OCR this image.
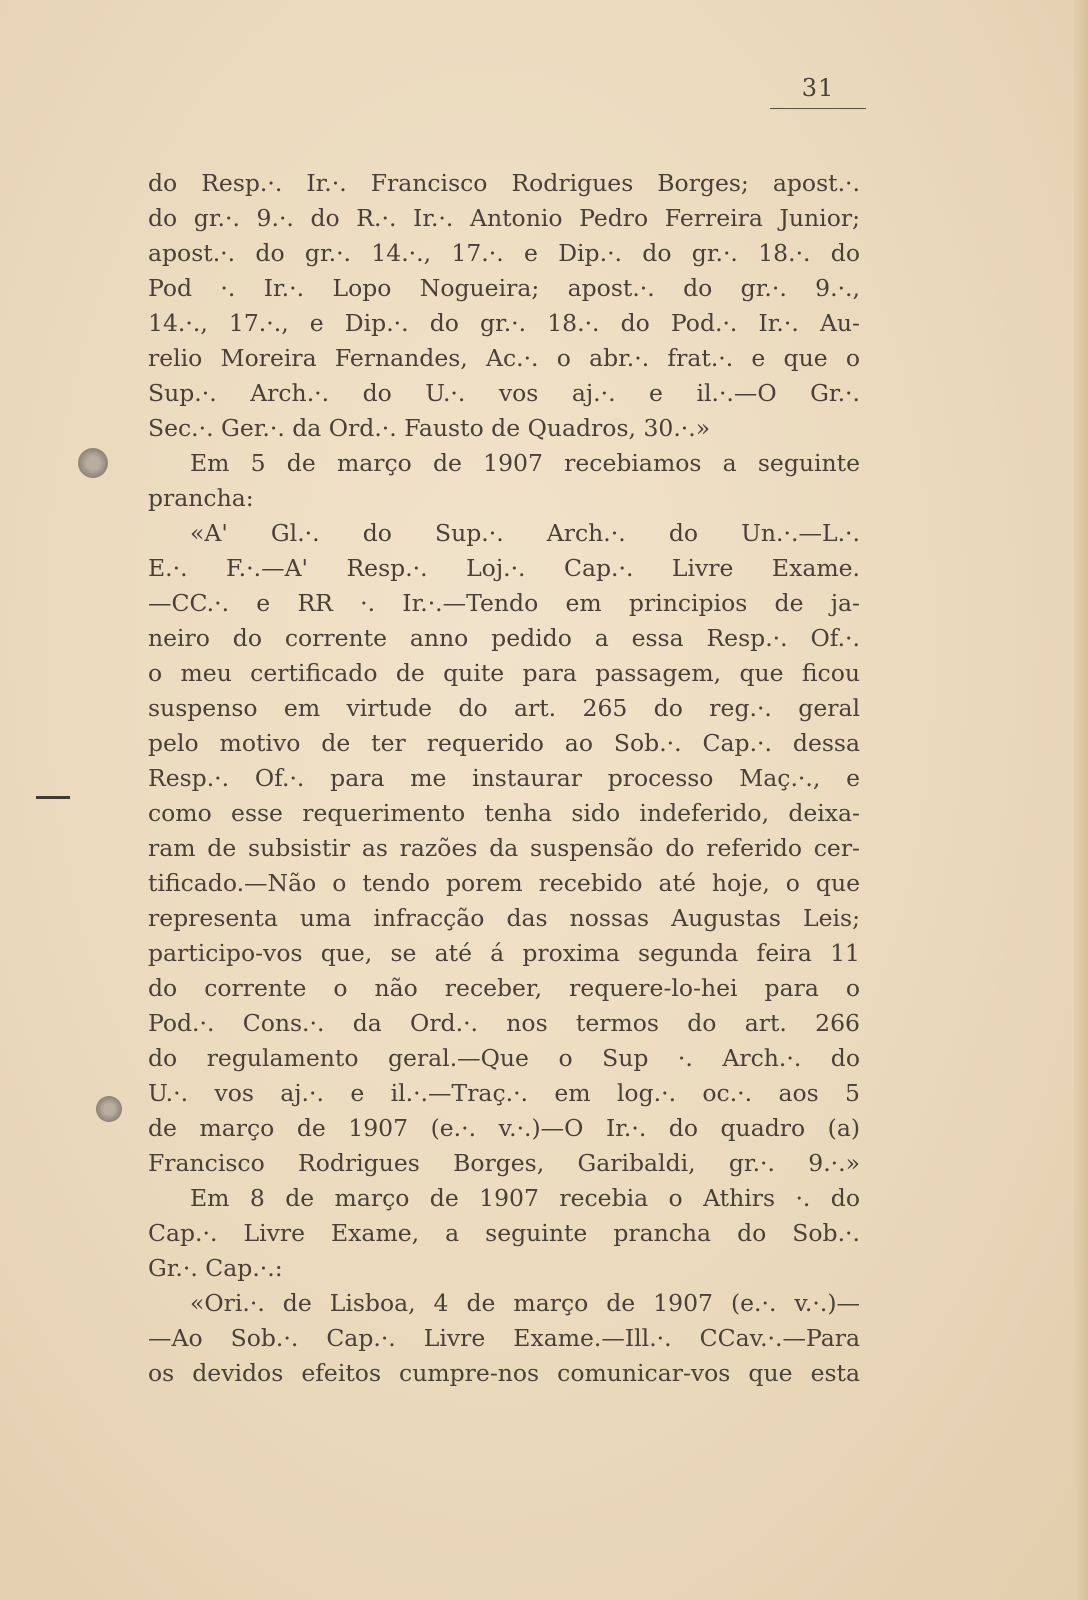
31
do Resp.·. Ir.·. Francisco Rodrigues Borges; apost.·.
do gr.·. 9.·. do R.·. Ir.·. Antonio Pedro Ferreira Junior;
apost.·. do gr.·. 14.·., 17.·. e Dip.·. do gr.·. 18.·. do
Pod ·. Ir.·. Lopo Nogueira; apost.·. do gr.·. 9.·.,
14.·., 17.·., e Dip.·. do gr.·. 18.·. do Pod.·. Ir.·. Au-
relio Moreira Fernandes, Ac.·. o abr.·. frat.·. e que o
Sup.·. Arch.·. do U.·. vos aj.·. e il.·.—O Gr.·.
Sec.·. Ger.·. da Ord.·. Fausto de Quadros, 30.·.»
Em 5 de março de 1907 recebiamos a seguinte
prancha:
«A' Gl.·. do Sup.·. Arch.·. do Un.·.—L.·.
E.·. F.·.—A' Resp.·. Loj.·. Cap.·. Livre Exame.
—CC.·. e RR ·. Ir.·.—Tendo em principios de ja-
neiro do corrente anno pedido a essa Resp.·. Of.·.
o meu certificado de quite para passagem, que ficou
suspenso em virtude do art. 265 do reg.·. geral
pelo motivo de ter requerido ao Sob.·. Cap.·. dessa
Resp.·. Of.·. para me instaurar processo Maç.·., e
como esse requerimento tenha sido indeferido, deixa-
ram de subsistir as razões da suspensão do referido cer-
tificado.—Não o tendo porem recebido até hoje, o que
representa uma infracção das nossas Augustas Leis;
participo-vos que, se até á proxima segunda feira 11
do corrente o não receber, requere-lo-hei para o
Pod.·. Cons.·. da Ord.·. nos termos do art. 266
do regulamento geral.—Que o Sup ·. Arch.·. do
U.·. vos aj.·. e il.·.—Traç.·. em log.·. oc.·. aos 5
de março de 1907 (e.·. v.·.)—O Ir.·. do quadro (a)
Francisco Rodrigues Borges, Garibaldi, gr.·. 9.·.»
Em 8 de março de 1907 recebia o Athirs ·. do
Cap.·. Livre Exame, a seguinte prancha do Sob.·.
Gr.·. Cap.·.:
«Ori.·. de Lisboa, 4 de março de 1907 (e.·. v.·.)—
—Ao Sob.·. Cap.·. Livre Exame.—Ill.·. CCav.·.—Para
os devidos efeitos cumpre-nos comunicar-vos que esta
